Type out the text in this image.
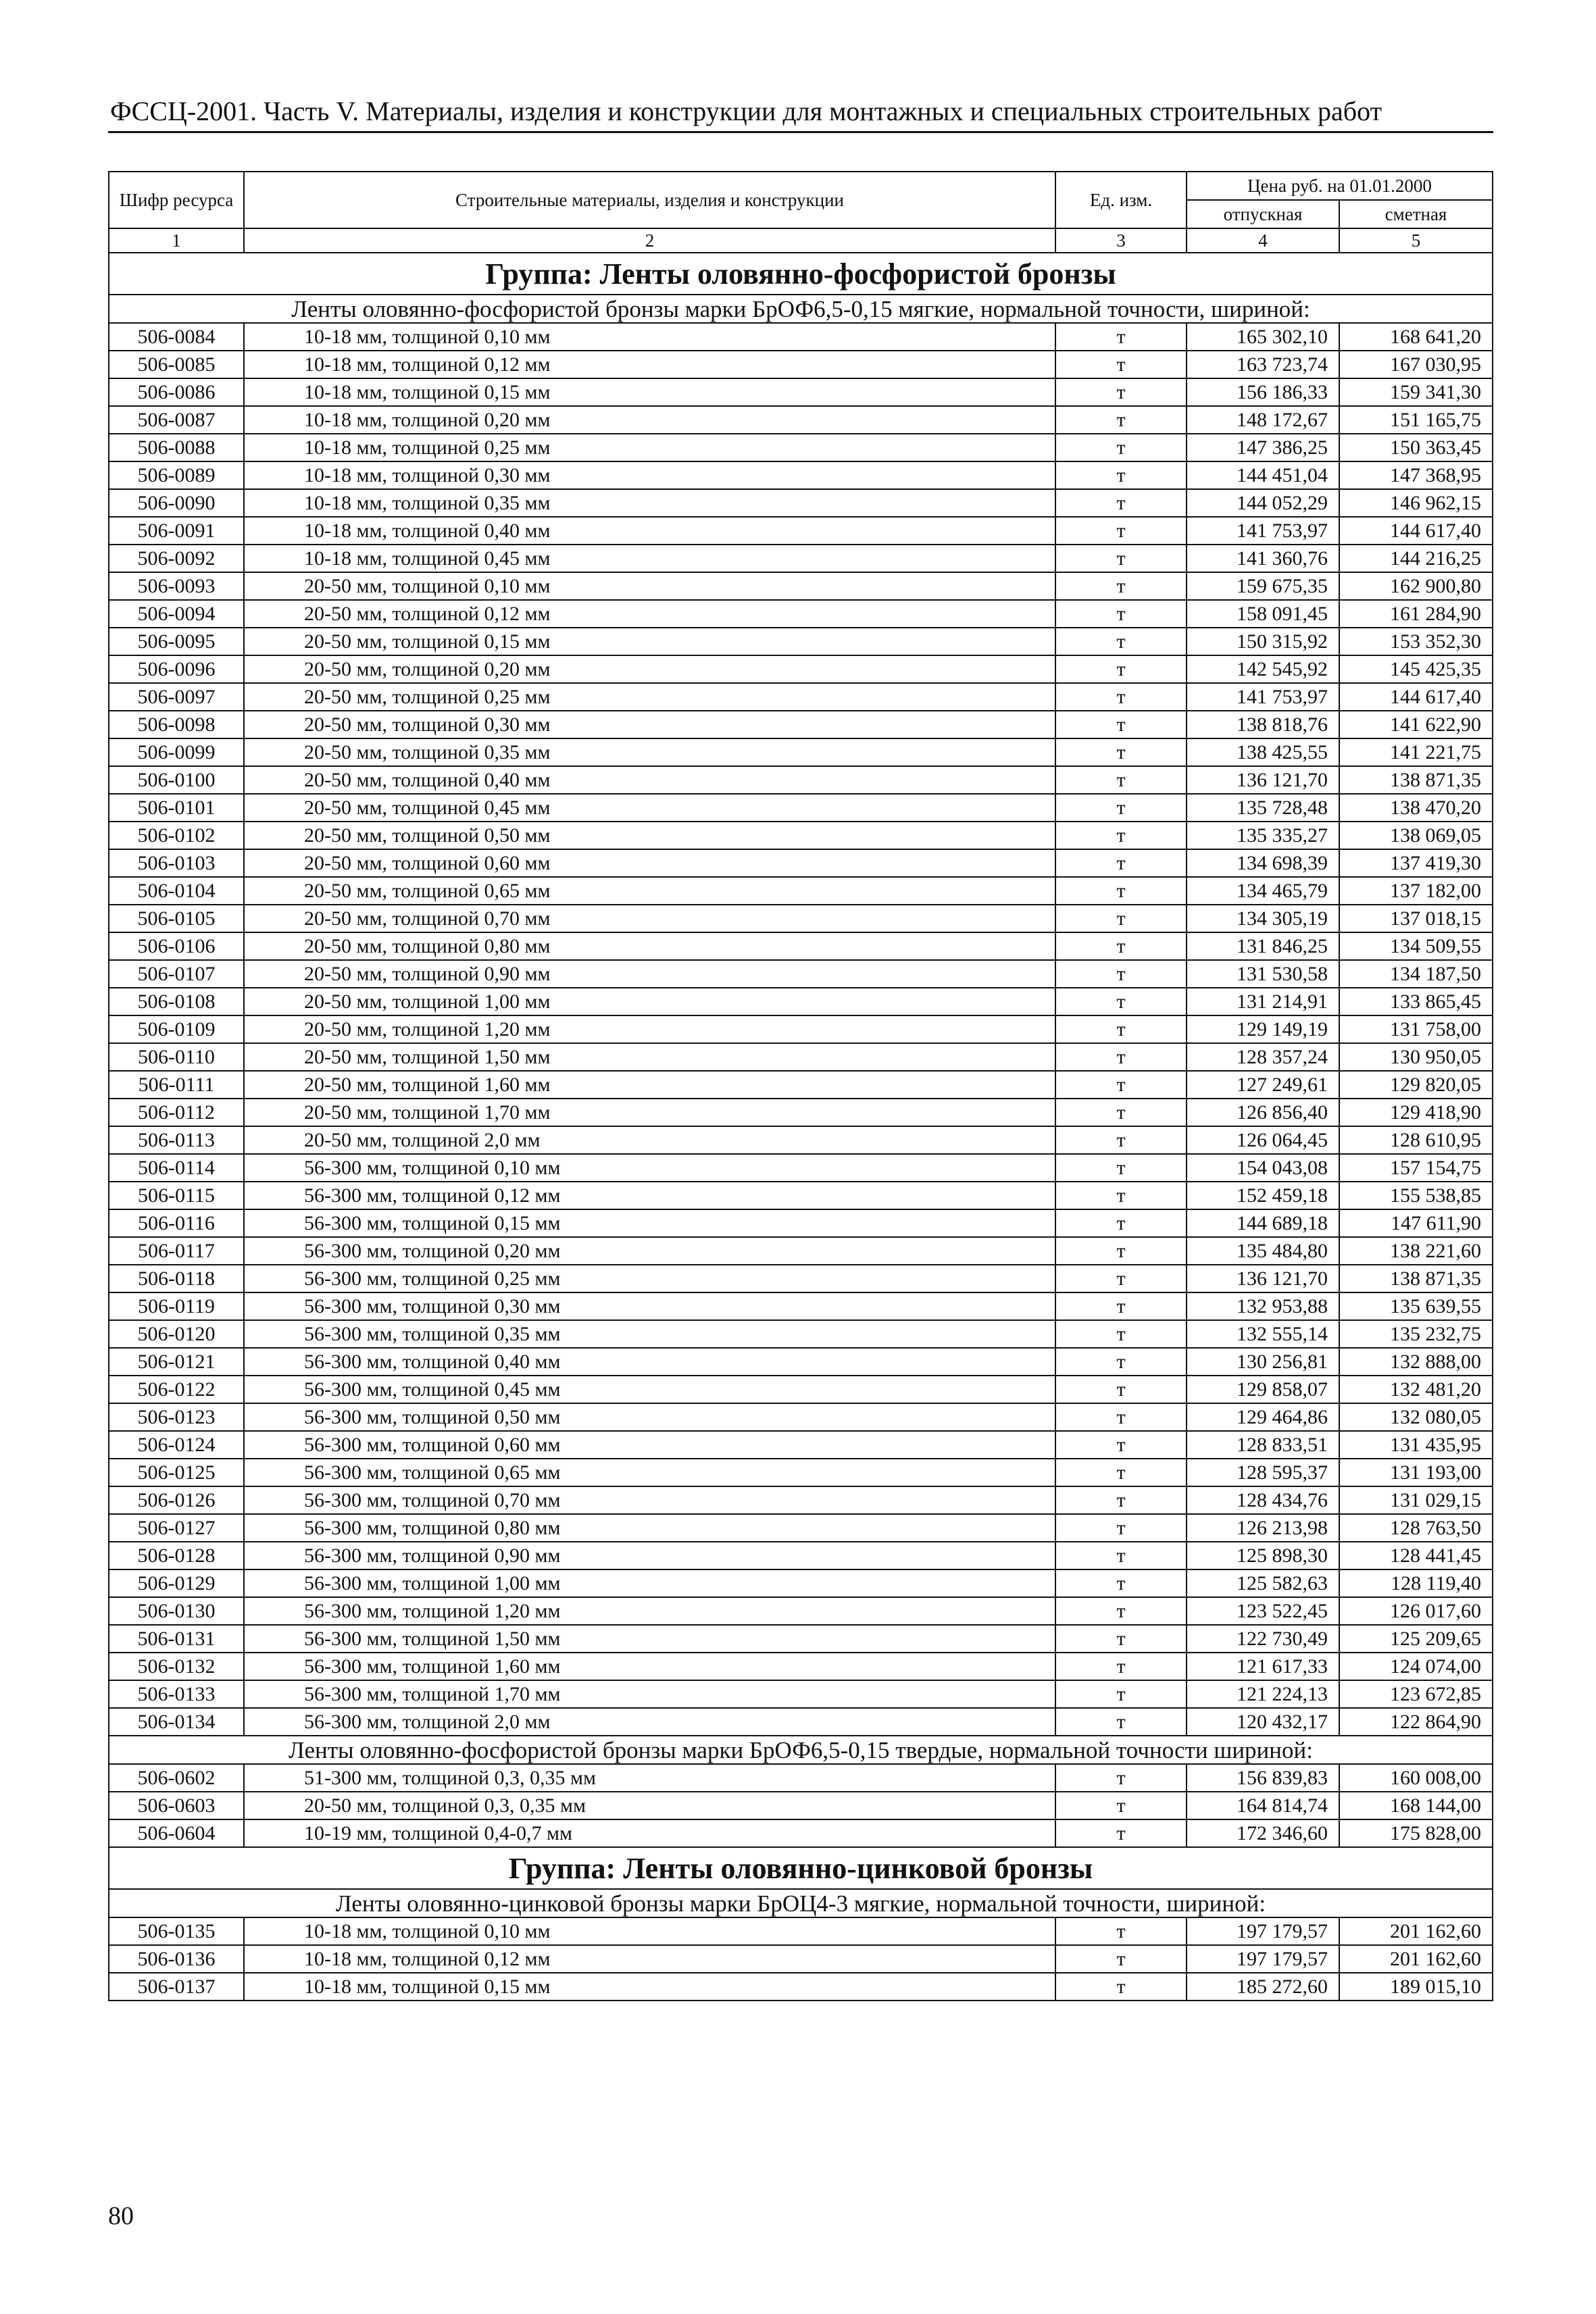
ФССЦ-2001. Часть V. Материалы, изделия и конструкции для монтажных и специальных строительных работ
Шифр ресурса	Строительные материалы, изделия и конструкции	Ед. изм.	Цена руб. на 01.01.2000	
			отпускная	сметная
1	2	3	4	5
Группа: Ленты оловянно-фосфористой бронзы				
Ленты оловянно-фосфористой бронзы марки БрОФ6,5-0,15 мягкие, нормальной точности, шириной:				
506-0084	10-18 мм, толщиной 0,10 мм	т	165 302,10	168 641,20
506-0085	10-18 мм, толщиной 0,12 мм	т	163 723,74	167 030,95
506-0086	10-18 мм, толщиной 0,15 мм	т	156 186,33	159 341,30
506-0087	10-18 мм, толщиной 0,20 мм	т	148 172,67	151 165,75
506-0088	10-18 мм, толщиной 0,25 мм	т	147 386,25	150 363,45
506-0089	10-18 мм, толщиной 0,30 мм	т	144 451,04	147 368,95
506-0090	10-18 мм, толщиной 0,35 мм	т	144 052,29	146 962,15
506-0091	10-18 мм, толщиной 0,40 мм	т	141 753,97	144 617,40
506-0092	10-18 мм, толщиной 0,45 мм	т	141 360,76	144 216,25
506-0093	20-50 мм, толщиной 0,10 мм	т	159 675,35	162 900,80
506-0094	20-50 мм, толщиной 0,12 мм	т	158 091,45	161 284,90
506-0095	20-50 мм, толщиной 0,15 мм	т	150 315,92	153 352,30
506-0096	20-50 мм, толщиной 0,20 мм	т	142 545,92	145 425,35
506-0097	20-50 мм, толщиной 0,25 мм	т	141 753,97	144 617,40
506-0098	20-50 мм, толщиной 0,30 мм	т	138 818,76	141 622,90
506-0099	20-50 мм, толщиной 0,35 мм	т	138 425,55	141 221,75
506-0100	20-50 мм, толщиной 0,40 мм	т	136 121,70	138 871,35
506-0101	20-50 мм, толщиной 0,45 мм	т	135 728,48	138 470,20
506-0102	20-50 мм, толщиной 0,50 мм	т	135 335,27	138 069,05
506-0103	20-50 мм, толщиной 0,60 мм	т	134 698,39	137 419,30
506-0104	20-50 мм, толщиной 0,65 мм	т	134 465,79	137 182,00
506-0105	20-50 мм, толщиной 0,70 мм	т	134 305,19	137 018,15
506-0106	20-50 мм, толщиной 0,80 мм	т	131 846,25	134 509,55
506-0107	20-50 мм, толщиной 0,90 мм	т	131 530,58	134 187,50
506-0108	20-50 мм, толщиной 1,00 мм	т	131 214,91	133 865,45
506-0109	20-50 мм, толщиной 1,20 мм	т	129 149,19	131 758,00
506-0110	20-50 мм, толщиной 1,50 мм	т	128 357,24	130 950,05
506-0111	20-50 мм, толщиной 1,60 мм	т	127 249,61	129 820,05
506-0112	20-50 мм, толщиной 1,70 мм	т	126 856,40	129 418,90
506-0113	20-50 мм, толщиной 2,0 мм	т	126 064,45	128 610,95
506-0114	56-300 мм, толщиной 0,10 мм	т	154 043,08	157 154,75
506-0115	56-300 мм, толщиной 0,12 мм	т	152 459,18	155 538,85
506-0116	56-300 мм, толщиной 0,15 мм	т	144 689,18	147 611,90
506-0117	56-300 мм, толщиной 0,20 мм	т	135 484,80	138 221,60
506-0118	56-300 мм, толщиной 0,25 мм	т	136 121,70	138 871,35
506-0119	56-300 мм, толщиной 0,30 мм	т	132 953,88	135 639,55
506-0120	56-300 мм, толщиной 0,35 мм	т	132 555,14	135 232,75
506-0121	56-300 мм, толщиной 0,40 мм	т	130 256,81	132 888,00
506-0122	56-300 мм, толщиной 0,45 мм	т	129 858,07	132 481,20
506-0123	56-300 мм, толщиной 0,50 мм	т	129 464,86	132 080,05
506-0124	56-300 мм, толщиной 0,60 мм	т	128 833,51	131 435,95
506-0125	56-300 мм, толщиной 0,65 мм	т	128 595,37	131 193,00
506-0126	56-300 мм, толщиной 0,70 мм	т	128 434,76	131 029,15
506-0127	56-300 мм, толщиной 0,80 мм	т	126 213,98	128 763,50
506-0128	56-300 мм, толщиной 0,90 мм	т	125 898,30	128 441,45
506-0129	56-300 мм, толщиной 1,00 мм	т	125 582,63	128 119,40
506-0130	56-300 мм, толщиной 1,20 мм	т	123 522,45	126 017,60
506-0131	56-300 мм, толщиной 1,50 мм	т	122 730,49	125 209,65
506-0132	56-300 мм, толщиной 1,60 мм	т	121 617,33	124 074,00
506-0133	56-300 мм, толщиной 1,70 мм	т	121 224,13	123 672,85
506-0134	56-300 мм, толщиной 2,0 мм	т	120 432,17	122 864,90
Ленты оловянно-фосфористой бронзы марки БрОФ6,5-0,15 твердые, нормальной точности шириной:				
506-0602	51-300 мм, толщиной 0,3, 0,35 мм	т	156 839,83	160 008,00
506-0603	20-50 мм, толщиной 0,3, 0,35 мм	т	164 814,74	168 144,00
506-0604	10-19 мм, толщиной 0,4-0,7 мм	т	172 346,60	175 828,00
Группа: Ленты оловянно-цинковой бронзы				
Ленты оловянно-цинковой бронзы марки БрОЦ4-3 мягкие, нормальной точности, шириной:				
506-0135	10-18 мм, толщиной 0,10 мм	т	197 179,57	201 162,60
506-0136	10-18 мм, толщиной 0,12 мм	т	197 179,57	201 162,60
506-0137	10-18 мм, толщиной 0,15 мм	т	185 272,60	189 015,10
80
